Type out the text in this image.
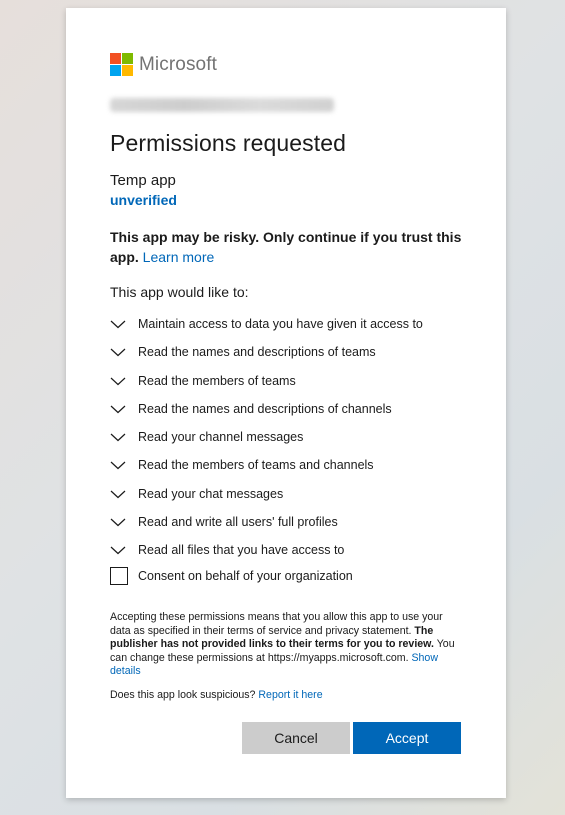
Microsoft
Permissions requested
Temp app
unverified
This app may be risky. Only continue if you trust this app. Learn more
This app would like to:
Maintain access to data you have given it access to
Read the names and descriptions of teams
Read the members of teams
Read the names and descriptions of channels
Read your channel messages
Read the members of teams and channels
Read your chat messages
Read and write all users' full profiles
Read all files that you have access to
Consent on behalf of your organization
Accepting these permissions means that you allow this app to use your data as specified in their terms of service and privacy statement. The publisher has not provided links to their terms for you to review. You can change these permissions at https://myapps.microsoft.com. Show details
Does this app look suspicious? Report it here
Cancel	Accept
